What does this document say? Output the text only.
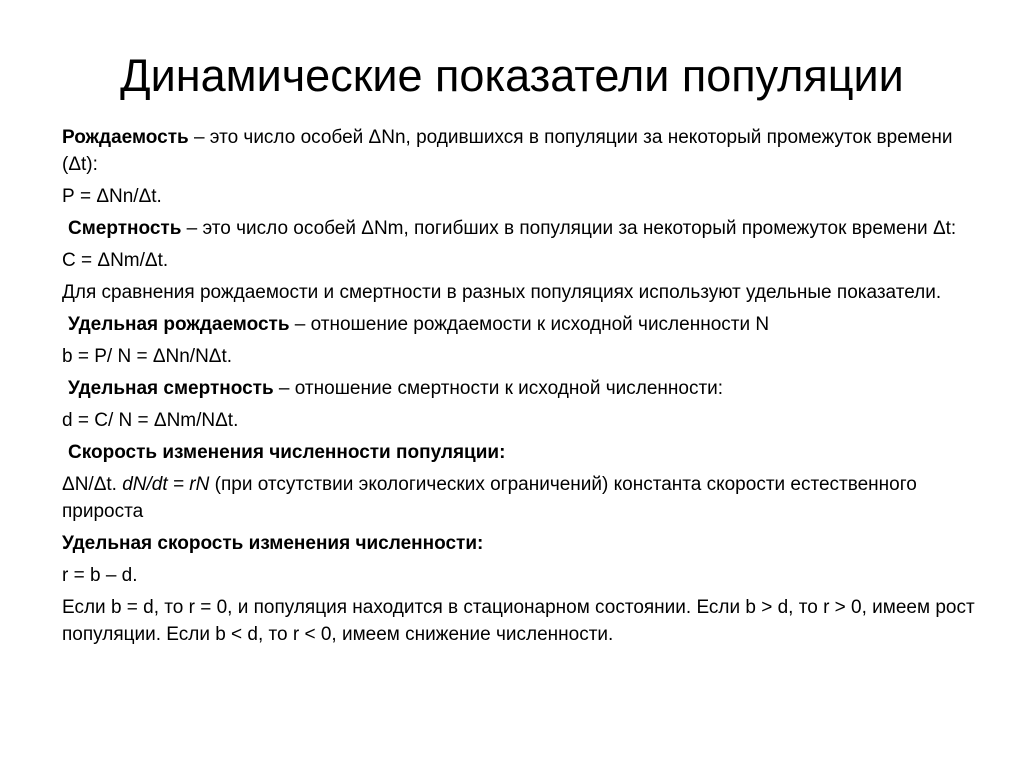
Динамические показатели популяции

Рождаемость – это число особей ΔNn, родившихся в популяции за некоторый промежуток времени (Δt):

Р = ΔNn/Δt.

Смертность – это число особей ΔNm, погибших в популяции за некоторый промежуток времени Δt:

С = ΔNm/Δt.

Для сравнения рождаемости и смертности в разных популяциях используют удельные показатели.

Удельная рождаемость – отношение рождаемости к исходной численности N

b = Р/ N = ΔNn/NΔt.

Удельная смертность – отношение смертности к исходной численности:

d = С/ N = ΔNm/NΔt.

Скорость изменения численности популяции:

ΔN/Δt. dN/dt = rN (при отсутствии экологических ограничений) константа скорости естественного прироста

Удельная скорость изменения численности:

r = b – d.

Если b = d, то r = 0, и популяция находится в стационарном состоянии. Если b > d, то r > 0, имеем рост популяции. Если b < d, то r < 0, имеем снижение численности.
